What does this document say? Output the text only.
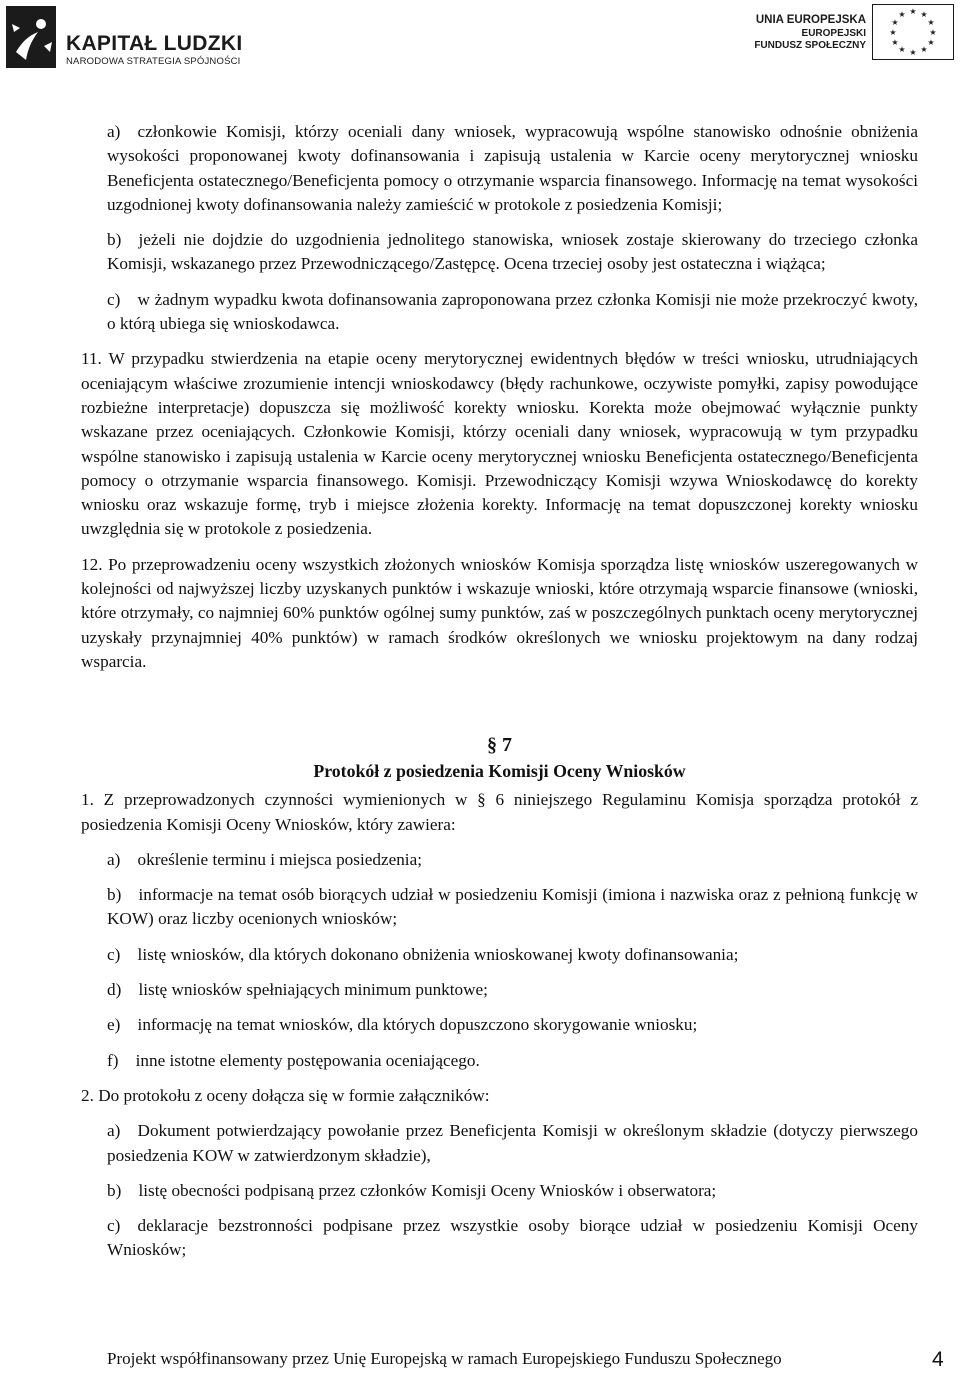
KAPITAŁ LUDZKI
NARODOWA STRATEGIA SPÓJNOŚCI
UNIA EUROPEJSKA
EUROPEJSKI
FUNDUSZ SPOŁECZNY
★ ★
★
★
★
★
★
★
★
★
★
★

a) członkowie Komisji, którzy oceniali dany wniosek, wypracowują wspólne stanowisko odnośnie obniżenia wysokości proponowanej kwoty dofinansowania i zapisują ustalenia w Karcie oceny merytorycznej wniosku Beneficjenta ostatecznego/Beneficjenta pomocy o otrzymanie wsparcia finansowego. Informację na temat wysokości uzgodnionej kwoty dofinansowania należy zamieścić w protokole z posiedzenia Komisji;

b) jeżeli nie dojdzie do uzgodnienia jednolitego stanowiska, wniosek zostaje skierowany do trzeciego członka Komisji, wskazanego przez Przewodniczącego/Zastępcę. Ocena trzeciej osoby jest ostateczna i wiążąca;

c) w żadnym wypadku kwota dofinansowania zaproponowana przez członka Komisji nie może przekroczyć kwoty, o którą ubiega się wnioskodawca.

11. W przypadku stwierdzenia na etapie oceny merytorycznej ewidentnych błędów w treści wniosku, utrudniających oceniającym właściwe zrozumienie intencji wnioskodawcy (błędy rachunkowe, oczywiste pomyłki, zapisy powodujące rozbieżne interpretacje) dopuszcza się możliwość korekty wniosku. Korekta może obejmować wyłącznie punkty wskazane przez oceniających. Członkowie Komisji, którzy oceniali dany wniosek, wypracowują w tym przypadku wspólne stanowisko i zapisują ustalenia w Karcie oceny merytorycznej wniosku Beneficjenta ostatecznego/Beneficjenta pomocy o otrzymanie wsparcia finansowego. Komisji. Przewodniczący Komisji wzywa Wnioskodawcę do korekty wniosku oraz wskazuje formę, tryb i miejsce złożenia korekty. Informację na temat dopuszczonej korekty wniosku uwzględnia się w protokole z posiedzenia.

12. Po przeprowadzeniu oceny wszystkich złożonych wniosków Komisja sporządza listę wniosków uszeregowanych w kolejności od najwyższej liczby uzyskanych punktów i wskazuje wnioski, które otrzymają wsparcie finansowe (wnioski, które otrzymały, co najmniej 60% punktów ogólnej sumy punktów, zaś w poszczególnych punktach oceny merytorycznej uzyskały przynajmniej 40% punktów) w ramach środków określonych we wniosku projektowym na dany rodzaj wsparcia.

§ 7
Protokół z posiedzenia Komisji Oceny Wniosków

1. Z przeprowadzonych czynności wymienionych w § 6 niniejszego Regulaminu Komisja sporządza protokół z posiedzenia Komisji Oceny Wniosków, który zawiera:

a) określenie terminu i miejsca posiedzenia;

b) informacje na temat osób biorących udział w posiedzeniu Komisji (imiona i nazwiska oraz z pełnioną funkcję w KOW) oraz liczby ocenionych wniosków;

c) listę wniosków, dla których dokonano obniżenia wnioskowanej kwoty dofinansowania;

d) listę wniosków spełniających minimum punktowe;

e) informację na temat wniosków, dla których dopuszczono skorygowanie wniosku;

f) inne istotne elementy postępowania oceniającego.

2. Do protokołu z oceny dołącza się w formie załączników:

a) Dokument potwierdzający powołanie przez Beneficjenta Komisji w określonym składzie (dotyczy pierwszego posiedzenia KOW w zatwierdzonym składzie),

b) listę obecności podpisaną przez członków Komisji Oceny Wniosków i obserwatora;

c) deklaracje bezstronności podpisane przez wszystkie osoby biorące udział w posiedzeniu Komisji Oceny Wniosków;

Projekt współfinansowany przez Unię Europejską w ramach Europejskiego Funduszu Społecznego	4
